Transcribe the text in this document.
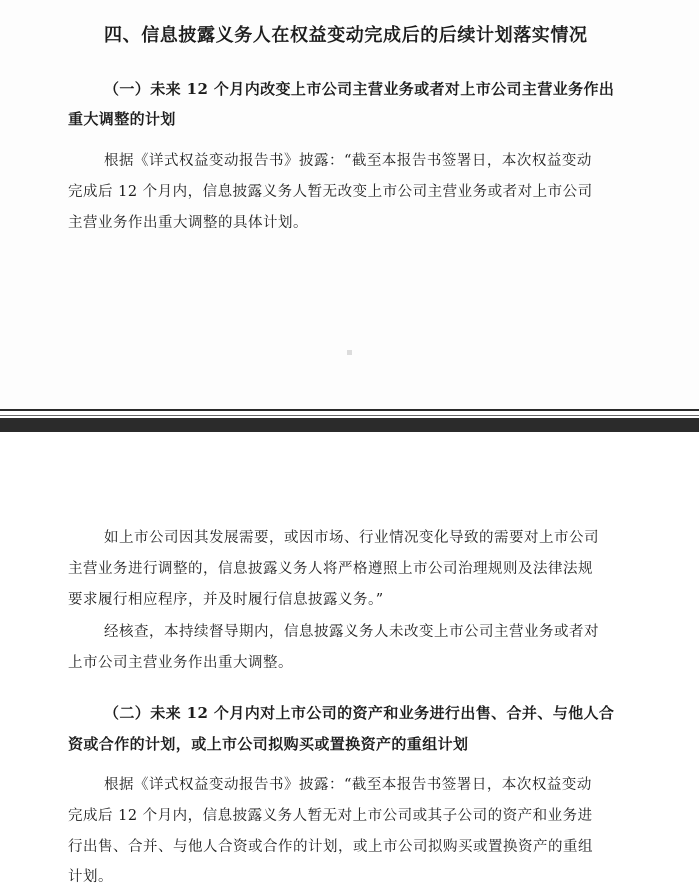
四、信息披露义务人在权益变动完成后的后续计划落实情况
（一）未来 12 个月内改变上市公司主营业务或者对上市公司主营业务作出
重大调整的计划

根据《详式权益变动报告书》披露：“截至本报告书签署日，本次权益变动

完成后 12 个月内，信息披露义务人暂无改变上市公司主营业务或者对上市公司

主营业务作出重大调整的具体计划。

如上市公司因其发展需要，或因市场、行业情况变化导致的需要对上市公司

主营业务进行调整的，信息披露义务人将严格遵照上市公司治理规则及法律法规

要求履行相应程序，并及时履行信息披露义务。”

经核查，本持续督导期内，信息披露义务人未改变上市公司主营业务或者对

上市公司主营业务作出重大调整。

（二）未来 12 个月内对上市公司的资产和业务进行出售、合并、与他人合
资或合作的计划，或上市公司拟购买或置换资产的重组计划

根据《详式权益变动报告书》披露：“截至本报告书签署日，本次权益变动

完成后 12 个月内，信息披露义务人暂无对上市公司或其子公司的资产和业务进

行出售、合并、与他人合资或合作的计划，或上市公司拟购买或置换资产的重组

计划。
